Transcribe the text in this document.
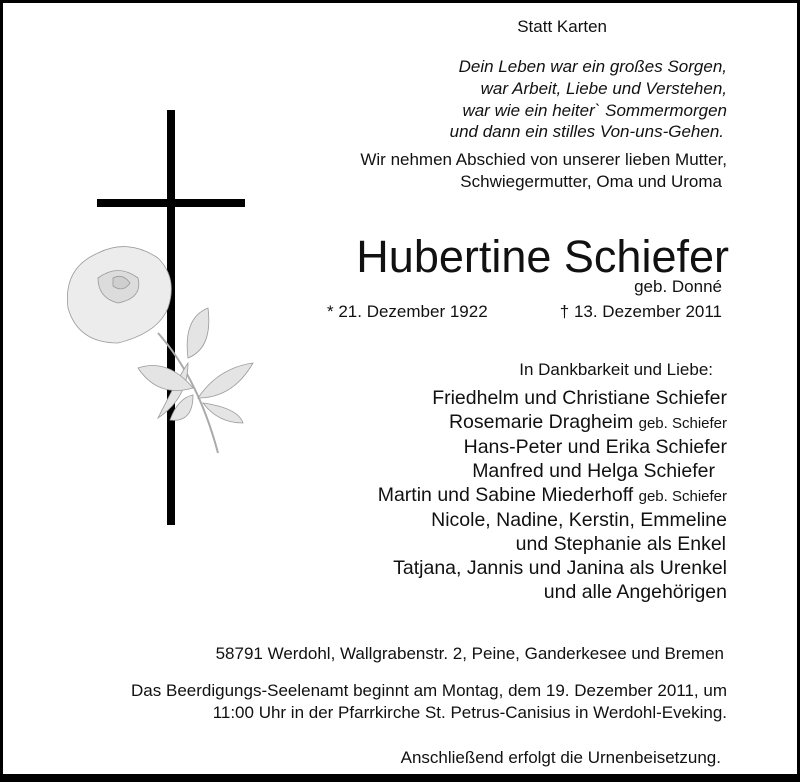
Statt Karten
Dein Leben war ein großes Sorgen,
war Arbeit, Liebe und Verstehen,
war wie ein heiter` Sommermorgen
und dann ein stilles Von-uns-Gehen.
Wir nehmen Abschied von unserer lieben Mutter,
Schwiegermutter, Oma und Uroma
Hubertine Schiefer
geb. Donné
* 21. Dezember 1922	† 13. Dezember 2011
In Dankbarkeit und Liebe:
Friedhelm und Christiane Schiefer
Rosemarie Dragheim geb. Schiefer
Hans-Peter und Erika Schiefer
Manfred und Helga Schiefer
Martin und Sabine Miederhoff geb. Schiefer
Nicole, Nadine, Kerstin, Emmeline
und Stephanie als Enkel
Tatjana, Jannis und Janina als Urenkel
und alle Angehörigen
58791 Werdohl, Wallgrabenstr. 2, Peine, Ganderkesee und Bremen
Das Beerdigungs-Seelenamt beginnt am Montag, dem 19. Dezember 2011, um
11:00 Uhr in der Pfarrkirche St. Petrus-Canisius in Werdohl-Eveking.
Anschließend erfolgt die Urnenbeisetzung.
